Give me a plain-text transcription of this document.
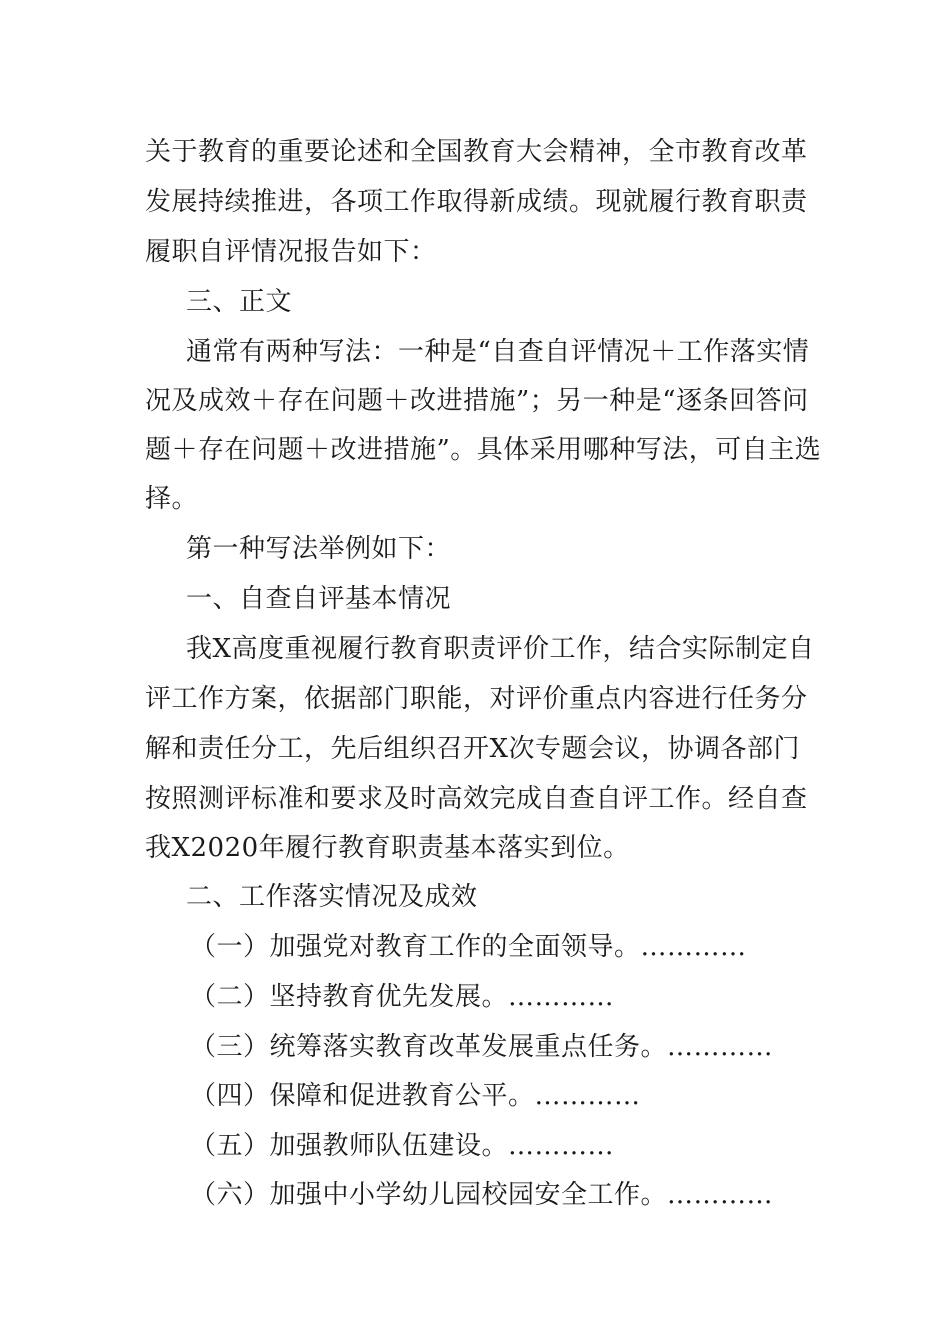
关于教育的重要论述和全国教育大会精神，全市教育改革
发展持续推进，各项工作取得新成绩。现就履行教育职责
履职自评情况报告如下：
三、正文
通常有两种写法：一种是“自查自评情况＋工作落实情
况及成效＋存在问题＋改进措施”；另一种是“逐条回答问
题＋存在问题＋改进措施”。具体采用哪种写法，可自主选
择。
第一种写法举例如下：
一、自查自评基本情况
我X高度重视履行教育职责评价工作，结合实际制定自
评工作方案，依据部门职能，对评价重点内容进行任务分
解和责任分工，先后组织召开X次专题会议，协调各部门
按照测评标准和要求及时高效完成自查自评工作。经自查
我X2020年履行教育职责基本落实到位。
二、工作落实情况及成效
（一）加强党对教育工作的全面领导。…………
（二）坚持教育优先发展。…………
（三）统筹落实教育改革发展重点任务。…………
（四）保障和促进教育公平。…………
（五）加强教师队伍建设。…………
（六）加强中小学幼儿园校园安全工作。…………
